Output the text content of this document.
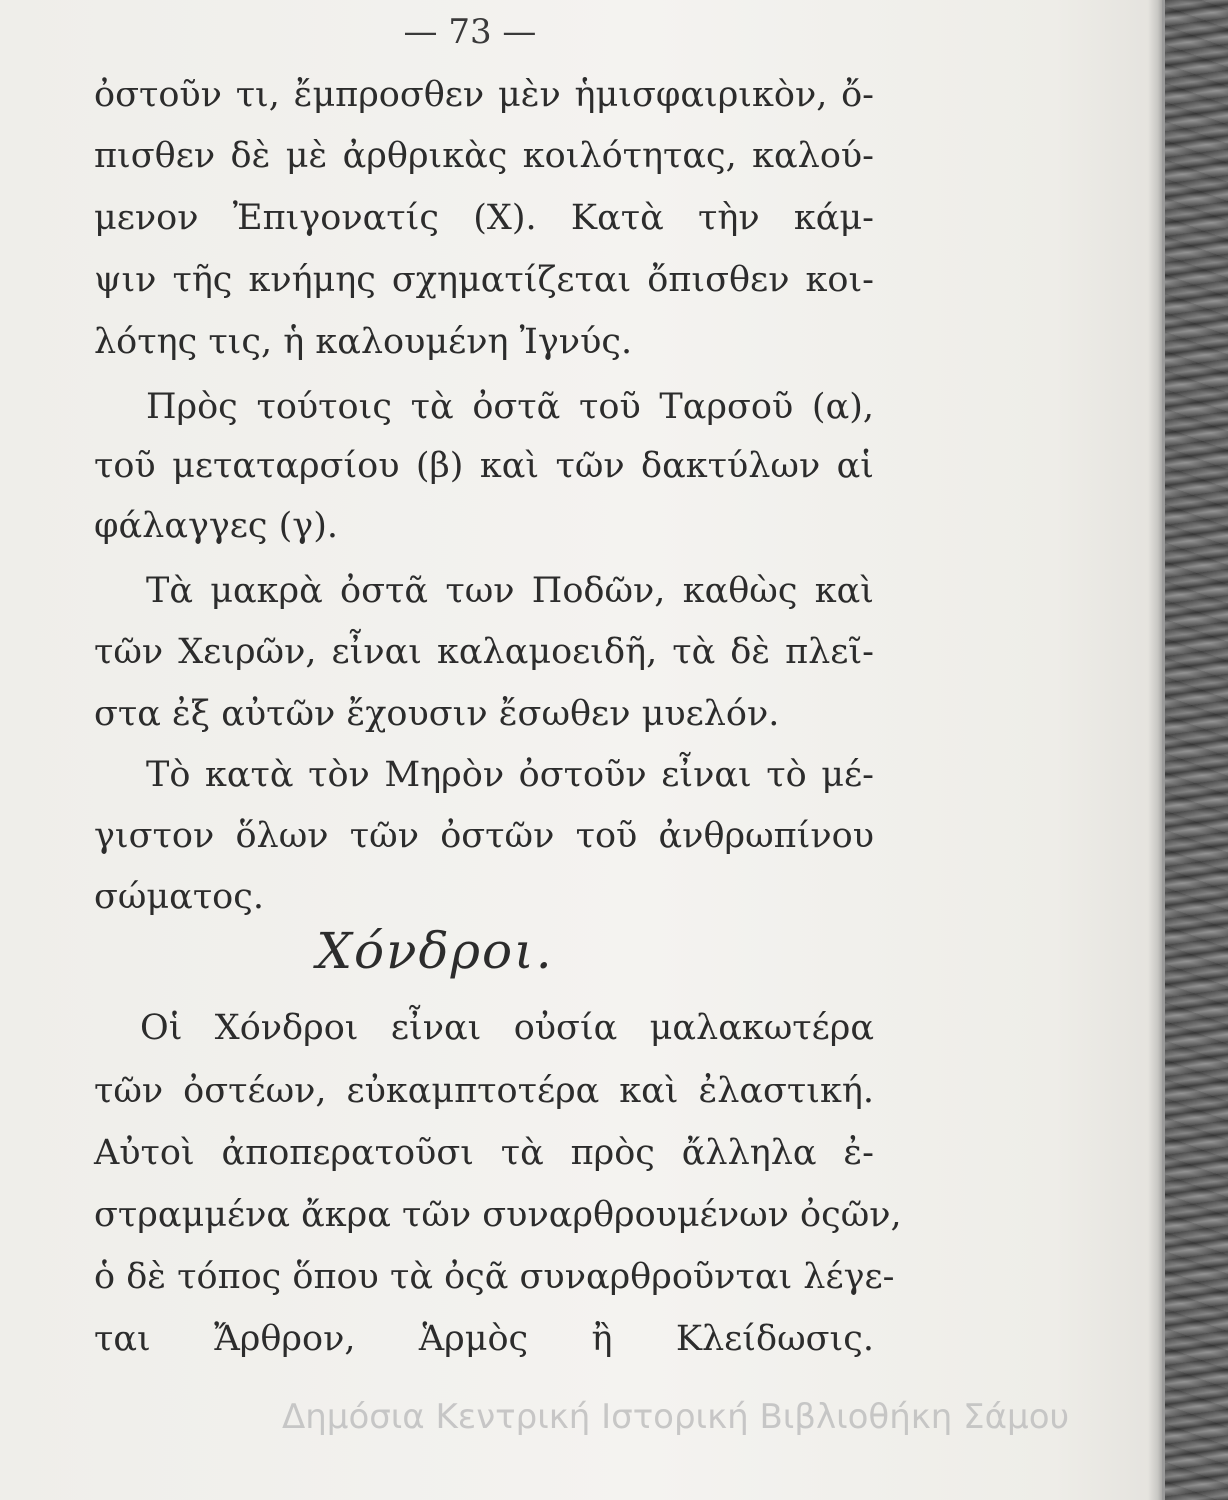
— 73 —
ὀστοῦν τι, ἔμπροσθεν μὲν ἡμισφαιρικὸν, ὄ-
πισθεν δὲ μὲ ἀρθρικὰς κοιλότητας, καλού-
μενον Ἐπιγονατίς (Χ). Κατὰ τὴν κάμ-
ψιν τῆς κνήμης σχηματίζεται ὄπισθεν κοι-
λότης τις, ἡ καλουμένη Ἰγνύς.
Πρὸς τούτοις τὰ ὀστᾶ τοῦ Ταρσοῦ (α),
τοῦ μεταταρσίου (β) καὶ τῶν δακτύλων αἱ
φάλαγγες (γ).
Τὰ μακρὰ ὀστᾶ των Ποδῶν, καθὼς καὶ
τῶν Χειρῶν, εἶναι καλαμοειδῆ, τὰ δὲ πλεῖ-
στα ἐξ αὐτῶν ἔχουσιν ἔσωθεν μυελόν.
Τὸ κατὰ τὸν Μηρὸν ὀστοῦν εἶναι τὸ μέ-
γιστον ὅλων τῶν ὀστῶν τοῦ ἀνθρωπίνου
σώματος.
Χόνδροι.
Οἱ Χόνδροι εἶναι οὐσία μαλακωτέρα
τῶν ὀστέων, εὐκαμπτοτέρα καὶ ἐλαστική.
Αὐτοὶ ἀποπερατοῦσι τὰ πρὸς ἄλληλα ἐ-
στραμμένα ἄκρα τῶν συναρθρουμένων ὀςῶν,
ὁ δὲ τόπος ὅπου τὰ ὀςᾶ συναρθροῦνται λέγε-
ται Ἄρθρον, Ἁρμὸς ἢ Κλείδωσις.
Δημόσια Κεντρική Ιστορική Βιβλιοθήκη Σάμου
